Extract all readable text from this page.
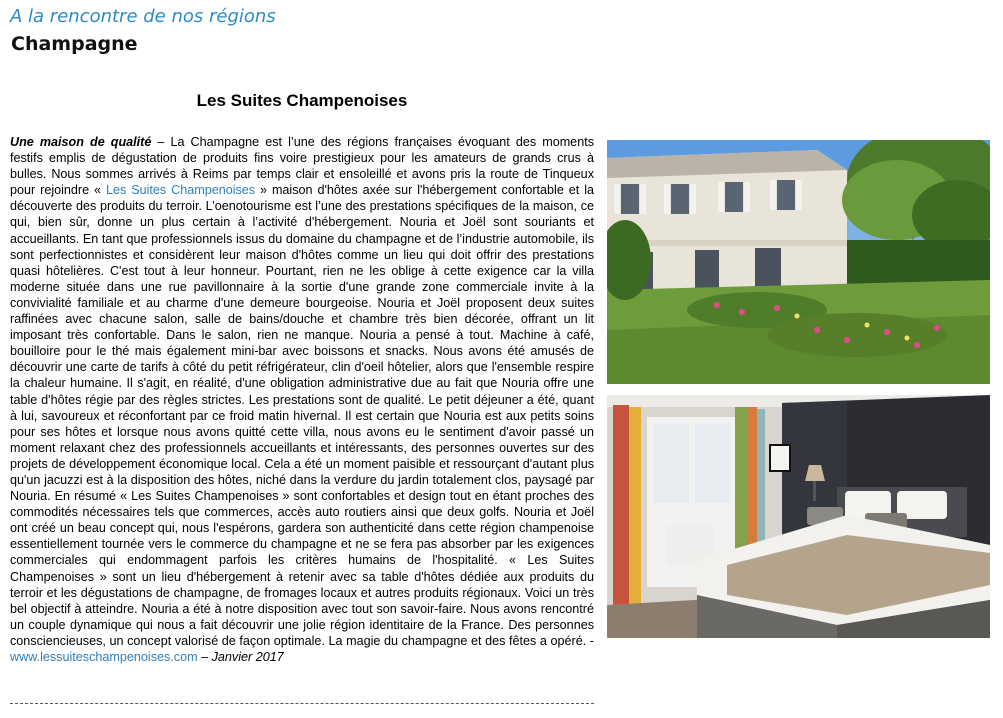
A la rencontre de nos régions
Champagne
Les Suites Champenoises
Une maison de qualité – La Champagne est l’une des régions françaises évoquant des moments festifs emplis de dégustation de produits fins voire prestigieux pour les amateurs de grands crus à bulles. Nous sommes arrivés à Reims par temps clair et ensoleillé et avons pris la route de Tinqueux pour rejoindre « Les Suites Champenoises » maison d'hôtes axée sur l'hébergement confortable et la découverte des produits du terroir. L’oenotourisme est l’une des prestations spécifiques de la maison, ce qui, bien sûr, donne un plus certain à l’activité d'hébergement. Nouria et Joël sont souriants et accueillants. En tant que professionnels issus du domaine du champagne et de l’industrie automobile, ils sont perfectionnistes et considèrent leur maison d'hôtes comme un lieu qui doit offrir des prestations quasi hôtelières. C'est tout à leur honneur. Pourtant, rien ne les oblige à cette exigence car la villa moderne située dans une rue pavillonnaire à la sortie d'une grande zone commerciale invite à la convivialité familiale et au charme d'une demeure bourgeoise. Nouria et Joël proposent deux suites raffinées avec chacune salon, salle de bains/douche et chambre très bien décorée, offrant un lit imposant très confortable. Dans le salon, rien ne manque. Nouria a pensé à tout. Machine à café, bouilloire pour le thé mais également mini-bar avec boissons et snacks. Nous avons été amusés de découvrir une carte de tarifs à côté du petit réfrigérateur, clin d'oeil hôtelier, alors que l'ensemble respire la chaleur humaine. Il s'agit, en réalité, d'une obligation administrative due au fait que Nouria offre une table d'hôtes régie par des règles strictes. Les prestations sont de qualité. Le petit déjeuner a été, quant à lui, savoureux et réconfortant par ce froid matin hivernal. Il est certain que Nouria est aux petits soins pour ses hôtes et lorsque nous avons quitté cette villa, nous avons eu le sentiment d'avoir passé un moment relaxant chez des professionnels accueillants et intéressants, des personnes ouvertes sur des projets de développement économique local. Cela a été un moment paisible et ressourçant d'autant plus qu'un jacuzzi est à la disposition des hôtes, niché dans la verdure du jardin totalement clos, paysagé par Nouria. En résumé « Les Suites Champenoises » sont confortables et design tout en étant proches des commodités nécessaires tels que commerces, accès auto routiers ainsi que deux golfs. Nouria et Joël ont créé un beau concept qui, nous l'espérons, gardera son authenticité dans cette région champenoise essentiellement tournée vers le commerce du champagne et ne se fera pas absorber par les exigences commerciales qui endommagent parfois les critères humains de l'hospitalité. « Les Suites Champenoises » sont un lieu d'hébergement à retenir avec sa table d'hôtes dédiée aux produits du terroir et les dégustations de champagne, de fromages locaux et autres produits régionaux. Voici un très bel objectif à atteindre. Nouria a été à notre disposition avec tout son savoir-faire. Nous avons rencontré un couple dynamique qui nous a fait découvrir une jolie région identitaire de la France. Des personnes consciencieuses, un concept valorisé de façon optimale. La magie du champagne et des fêtes a opéré. - www.lessuiteschampenoises.com – Janvier 2017
